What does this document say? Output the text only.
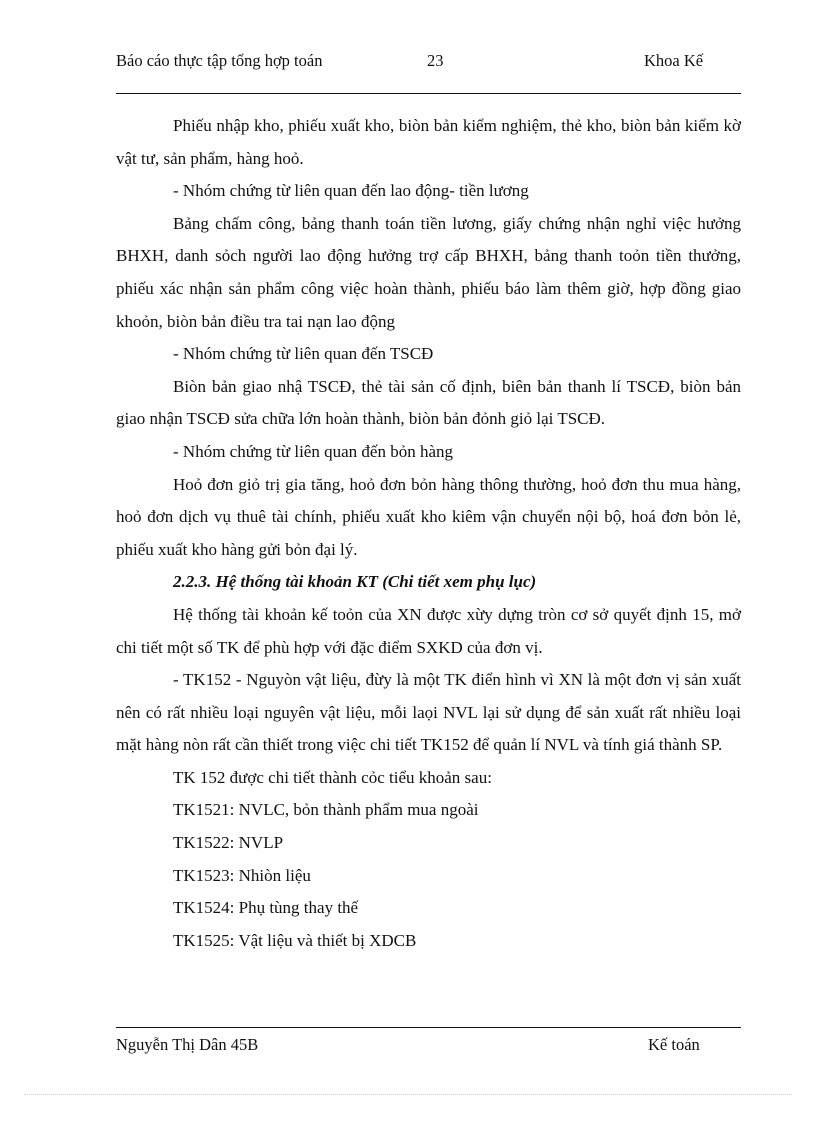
Báo cáo thực tập tổng hợp toán	23	Khoa Kế

Phiếu nhập kho, phiếu xuất kho, biòn bản kiểm nghiệm, thẻ kho, biòn bản kiểm kờ vật tư, sản phẩm, hàng hoỏ.

- Nhóm chứng từ liên quan đến lao động- tiền lương

Bảng chấm công, bảng thanh toán tiền lương, giấy chứng nhận nghỉ việc hưởng BHXH, danh sỏch người lao động hưởng trợ cấp BHXH, bảng thanh toỏn tiền thưởng, phiếu xác nhận sản phẩm công việc hoàn thành, phiếu báo làm thêm giờ, hợp đồng giao khoỏn, biòn bản điều tra tai nạn lao động

- Nhóm chứng từ liên quan đến TSCĐ

Biòn bản giao nhậ TSCĐ, thẻ tài sản cố định, biên bản thanh lí TSCĐ, biòn bản giao nhận TSCĐ sửa chữa lớn hoàn thành, biòn bản đỏnh giỏ lại TSCĐ.

- Nhóm chứng từ liên quan đến bỏn hàng

Hoỏ đơn giỏ trị gia tăng, hoỏ đơn bỏn hàng thông thường, hoỏ đơn thu mua hàng, hoỏ đơn dịch vụ thuê tài chính, phiếu xuất kho kiêm vận chuyển nội bộ, hoá đơn bỏn lẻ, phiếu xuất kho hàng gửi bỏn đại lý.

2.2.3. Hệ thống tài khoản KT (Chi tiết xem phụ lục)

Hệ thống tài khoản kế toỏn của XN được xừy dựng tròn cơ sở quyết định 15, mở chi tiết một số TK để phù hợp với đặc điểm SXKD của đơn vị.

- TK152 - Nguyòn vật liệu, đừy là một TK điển hình vì XN là một đơn vị sản xuất nên có rất nhiều loại nguyên vật liệu, mỗi laọi NVL lại sử dụng để sản xuất rất nhiều loại mặt hàng nòn rất cần thiết trong việc chi tiết TK152 để quản lí NVL và tính giá thành SP.

TK 152 được chi tiết thành cỏc tiểu khoản sau:

TK1521: NVLC, bỏn thành phẩm mua ngoài

TK1522: NVLP

TK1523: Nhiòn liệu

TK1524: Phụ tùng thay thế

TK1525: Vật liệu và thiết bị XDCB

Nguyễn Thị Dân 45B	Kế toán
